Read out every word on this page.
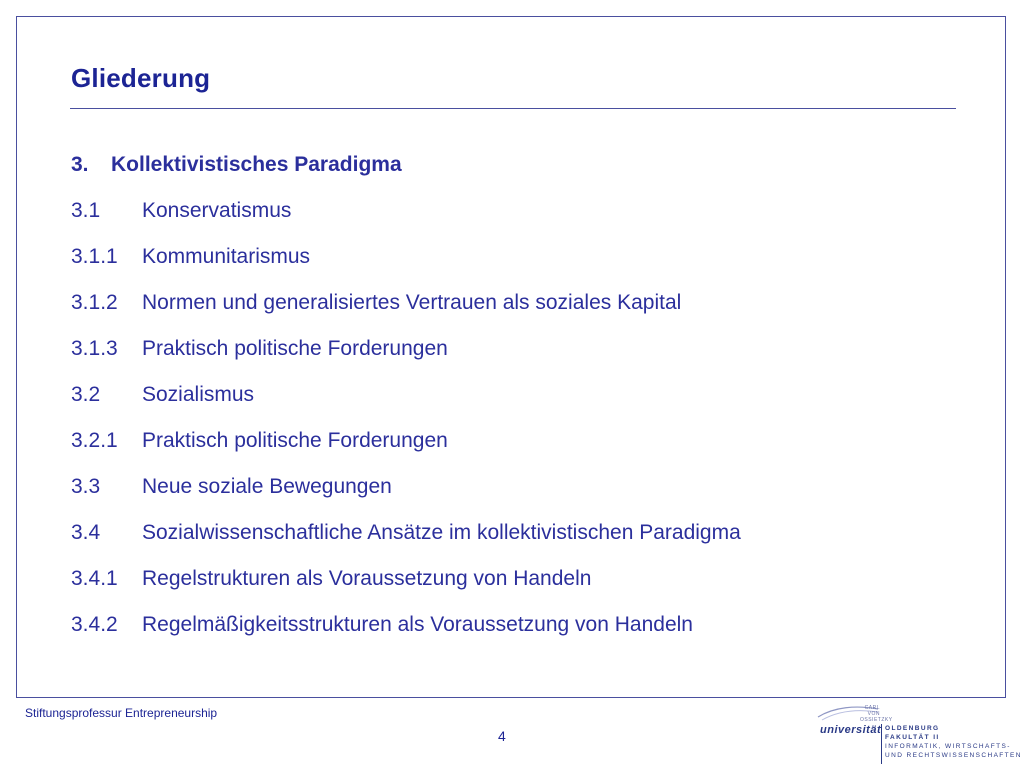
Gliederung
3. Kollektivistisches Paradigma
3.1 Konservatismus
3.1.1 Kommunitarismus
3.1.2 Normen und generalisiertes Vertrauen als soziales Kapital
3.1.3 Praktisch politische Forderungen
3.2 Sozialismus
3.2.1 Praktisch politische Forderungen
3.3 Neue soziale Bewegungen
3.4 Sozialwissenschaftliche Ansätze im kollektivistischen Paradigma
3.4.1 Regelstrukturen als Voraussetzung von Handeln
3.4.2 Regelmäßigkeitsstrukturen als Voraussetzung von Handeln
Stiftungsprofessur Entrepreneurship
4
CARL
VON
OSSIETZKY
universität OLDENBURG
FAKULTÄT II
INFORMATIK, WIRTSCHAFTS-
UND RECHTSWISSENSCHAFTEN
